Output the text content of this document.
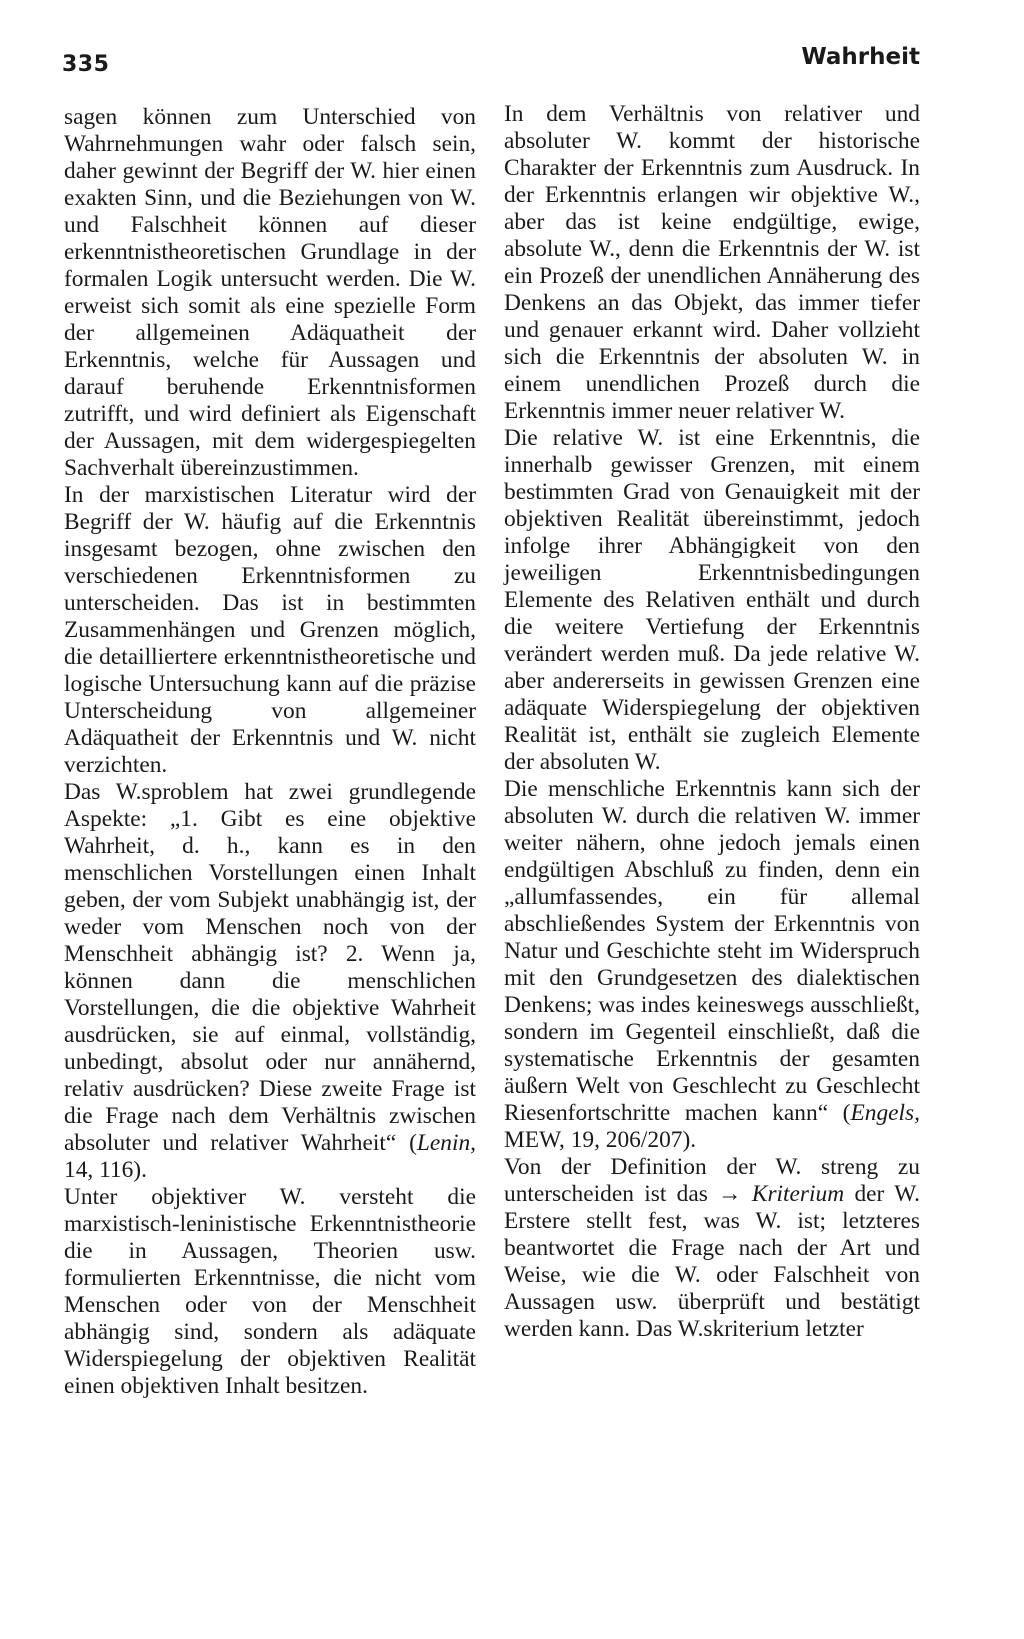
335	Wahrheit

sagen können zum Unterschied von Wahrnehmungen wahr oder falsch sein, daher gewinnt der Begriff der W. hier einen exakten Sinn, und die Beziehungen von W. und Falschheit können auf dieser erkenntnistheoretischen Grundlage in der formalen Logik untersucht werden. Die W. erweist sich somit als eine spezielle Form der allgemeinen Adäquatheit der Erkenntnis, welche für Aussagen und darauf beruhende Erkenntnisformen zutrifft, und wird definiert als Eigenschaft der Aussagen, mit dem widergespiegelten Sachverhalt übereinzustimmen.

In der marxistischen Literatur wird der Begriff der W. häufig auf die Erkenntnis insgesamt bezogen, ohne zwischen den verschiedenen Erkenntnisformen zu unterscheiden. Das ist in bestimmten Zusammenhängen und Grenzen möglich, die detailliertere erkenntnistheoretische und logische Untersuchung kann auf die präzise Unterscheidung von allgemeiner Adäquatheit der Erkenntnis und W. nicht verzichten.

Das W.sproblem hat zwei grundlegende Aspekte: „1. Gibt es eine objektive Wahrheit, d. h., kann es in den menschlichen Vorstellungen einen Inhalt geben, der vom Subjekt unabhängig ist, der weder vom Menschen noch von der Menschheit abhängig ist? 2. Wenn ja, können dann die menschlichen Vorstellungen, die die objektive Wahrheit ausdrücken, sie auf einmal, vollständig, unbedingt, absolut oder nur annähernd, relativ ausdrücken? Diese zweite Frage ist die Frage nach dem Verhältnis zwischen absoluter und relativer Wahrheit“ (Lenin, 14, 116).

Unter objektiver W. versteht die marxistisch-leninistische Erkenntnistheorie die in Aussagen, Theorien usw. formulierten Erkenntnisse, die nicht vom Menschen oder von der Menschheit abhängig sind, sondern als adäquate Widerspiegelung der objektiven Realität einen objektiven Inhalt besitzen.

In dem Verhältnis von relativer und absoluter W. kommt der historische Charakter der Erkenntnis zum Ausdruck. In der Erkenntnis erlangen wir objektive W., aber das ist keine endgültige, ewige, absolute W., denn die Erkenntnis der W. ist ein Prozeß der unendlichen Annäherung des Denkens an das Objekt, das immer tiefer und genauer erkannt wird. Daher vollzieht sich die Erkenntnis der absoluten W. in einem unendlichen Prozeß durch die Erkenntnis immer neuer relativer W.

Die relative W. ist eine Erkenntnis, die innerhalb gewisser Grenzen, mit einem bestimmten Grad von Genauigkeit mit der objektiven Realität übereinstimmt, jedoch infolge ihrer Abhängigkeit von den jeweiligen Erkenntnisbedingungen Elemente des Relativen enthält und durch die weitere Vertiefung der Erkenntnis verändert werden muß. Da jede relative W. aber andererseits in gewissen Grenzen eine adäquate Widerspiegelung der objektiven Realität ist, enthält sie zugleich Elemente der absoluten W.

Die menschliche Erkenntnis kann sich der absoluten W. durch die relativen W. immer weiter nähern, ohne jedoch jemals einen endgültigen Abschluß zu finden, denn ein „allumfassendes, ein für allemal abschließendes System der Erkenntnis von Natur und Geschichte steht im Widerspruch mit den Grundgesetzen des dialektischen Denkens; was indes keineswegs ausschließt, sondern im Gegenteil einschließt, daß die systematische Erkenntnis der gesamten äußern Welt von Geschlecht zu Geschlecht Riesenfortschritte machen kann“ (Engels, MEW, 19, 206/207).

Von der Definition der W. streng zu unterscheiden ist das → Kriterium der W. Erstere stellt fest, was W. ist; letzteres beantwortet die Frage nach der Art und Weise, wie die W. oder Falschheit von Aussagen usw. überprüft und bestätigt werden kann. Das W.skriterium letzter
